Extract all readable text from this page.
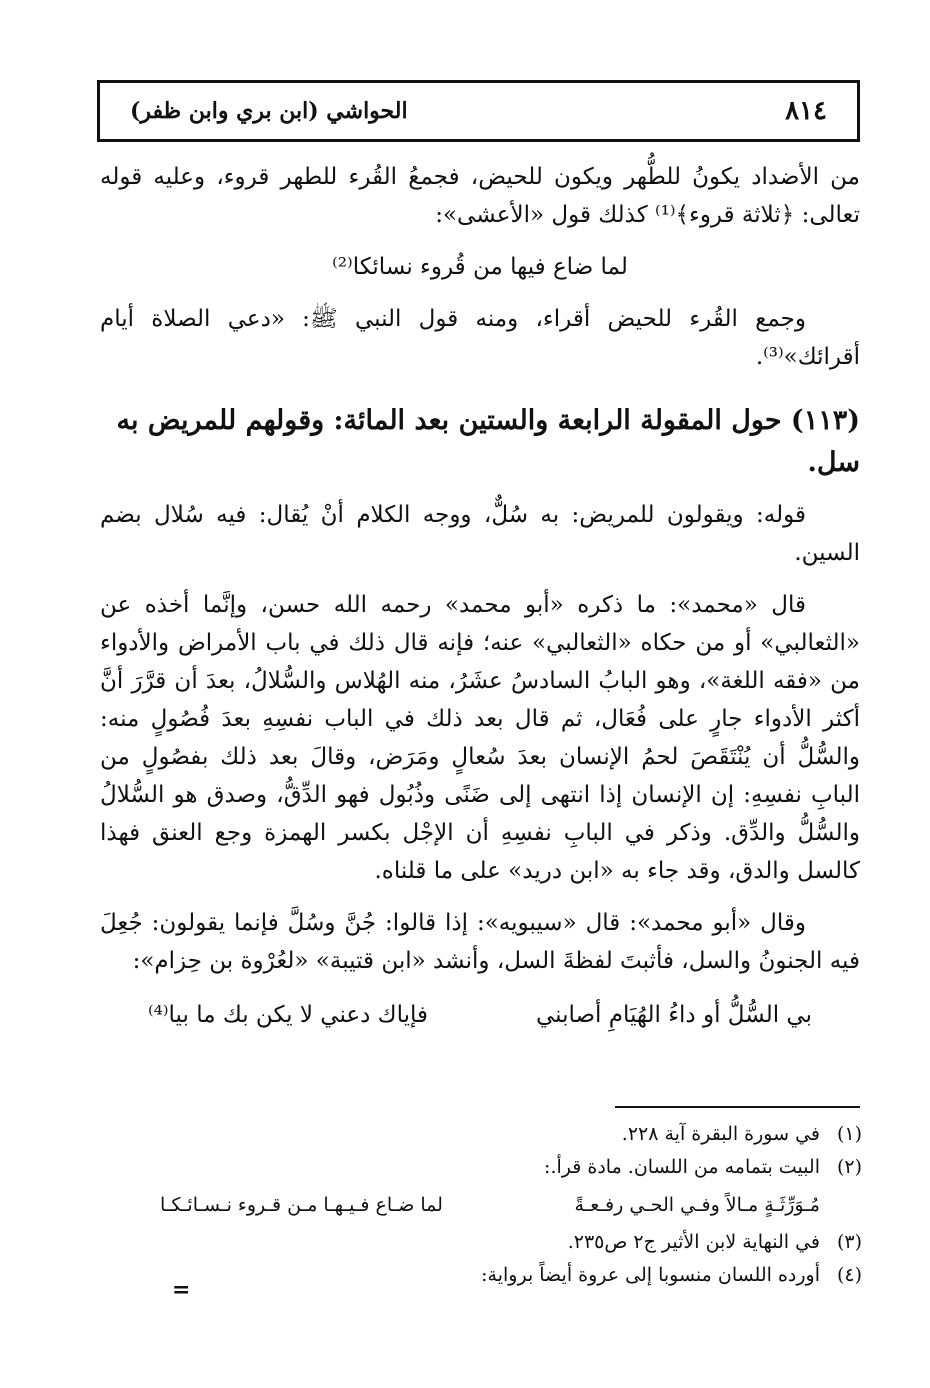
٨١٤
الحواشي (ابن بري وابن ظفر)

من الأضداد يكونُ للطُّهر ويكون للحيض، فجمعُ القُرء للطهر قروء، وعليه قوله تعالى: ﴿ثلاثة قروء﴾⁽¹⁾ كذلك قول «الأعشى»:

لما ضاع فيها من قُروء نسائكا⁽²⁾

وجمع القُرء للحيض أقراء، ومنه قول النبي ﷺ: «دعي الصلاة أيام أقرائك»⁽³⁾.

(١١٣) حول المقولة الرابعة والستين بعد المائة: وقولهم للمريض به سل.

قوله: ويقولون للمريض: به سُلٌّ، ووجه الكلام أنْ يُقال: فيه سُلال بضم السين.

قال «محمد»: ما ذكره «أبو محمد» رحمه الله حسن، وإنَّما أخذه عن «الثعالبي» أو من حكاه «الثعالبي» عنه؛ فإنه قال ذلك في باب الأمراض والأدواء من «فقه اللغة»، وهو البابُ السادسُ عشَرُ، منه الهُلاس والسُّلالُ، بعدَ أن قرَّرَ أنَّ أكثر الأدواء جارٍ على فُعَال، ثم قال بعد ذلك في الباب نفسِهِ بعدَ فُصُولٍ منه: والسُّلُّ أن يُنْتَقَصَ لحمُ الإنسان بعدَ سُعالٍ ومَرَض، وقالَ بعد ذلك بفصُولٍ من البابِ نفسِهِ: إن الإنسان إذا انتهى إلى ضَنًى وذُبُول فهو الدِّقُّ، وصدق هو السُّلالُ والسُّلُّ والدِّق. وذكر في البابِ نفسِهِ أن الإجْل بكسر الهمزة وجع العنق فهذا كالسل والدق، وقد جاء به «ابن دريد» على ما قلناه.

وقال «أبو محمد»: قال «سيبويه»: إذا قالوا: جُنَّ وسُلَّ فإنما يقولون: جُعِلَ فيه الجنونُ والسل، فأثبتَ لفظةَ السل، وأنشد «ابن قتيبة» «لعُرْوة بن حِزام»:

بي السُّلُّ أو داءُ الهُيَامِ أصابني
فإياك دعني لا يكن بك ما بيا⁽⁴⁾
(١)في سورة البقرة آية ٢٢٨.
(٢)البيت بتمامه من اللسان. مادة قرأ.:
مُـوَرِّثَـةٍ مـالاً وفـي الحـي رفـعـةً
لما ضـاع فـيـهـا مـن قـروء نـسـائـكـا
(٣)في النهاية لابن الأثير ج٢ ص٢٣٥.
(٤)أورده اللسان منسوبا إلى عروة أيضاً برواية:
=
